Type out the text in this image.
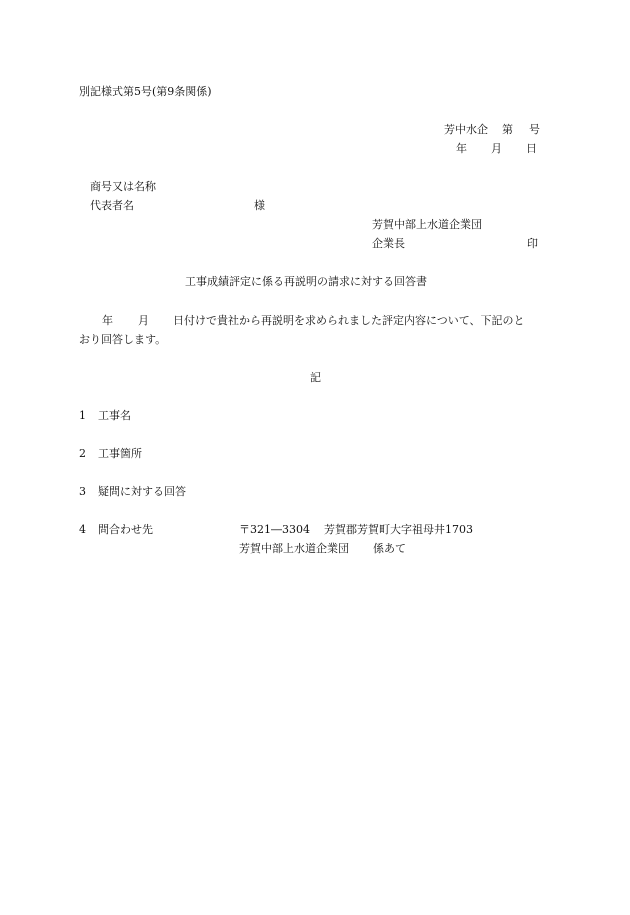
別記様式第5号(第9条関係)
芳中水企 第 号
年 月 日
商号又は名称
代表者名	様
芳賀中部上水道企業団
企業長	印
工事成績評定に係る再説明の請求に対する回答書
年 月 日付けで貴社から再説明を求められました評定内容について、下記のと
おり回答します。
記
1 工事名
2 工事箇所
3 疑問に対する回答
4 問合わせ先	〒321―3304 芳賀郡芳賀町大字祖母井1703
芳賀中部上水道企業団 係あて
